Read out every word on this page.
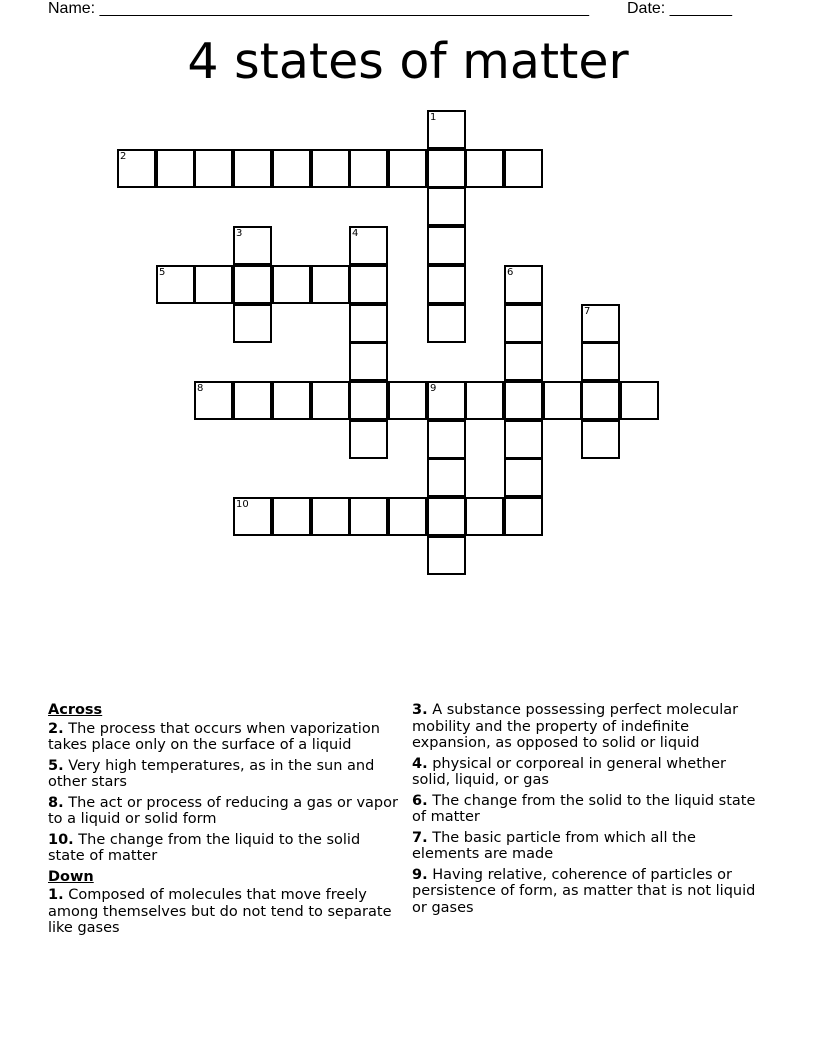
Name: _______________________________________________________ Date: _______
4 states of matter
1
2
3	4
5	6
7
8	9
10
Across
2. The process that occurs when vaporization takes place only on the surface of a liquid
5. Very high temperatures, as in the sun and other stars
8. The act or process of reducing a gas or vapor to a liquid or solid form
10. The change from the liquid to the solid state of matter
Down
1. Composed of molecules that move freely among themselves but do not tend to separate like gases
3. A substance possessing perfect molecular mobility and the property of indefinite expansion, as opposed to solid or liquid
4. physical or corporeal in general whether solid, liquid, or gas
6. The change from the solid to the liquid state of matter
7. The basic particle from which all the elements are made
9. Having relative, coherence of particles or persistence of form, as matter that is not liquid or gases
